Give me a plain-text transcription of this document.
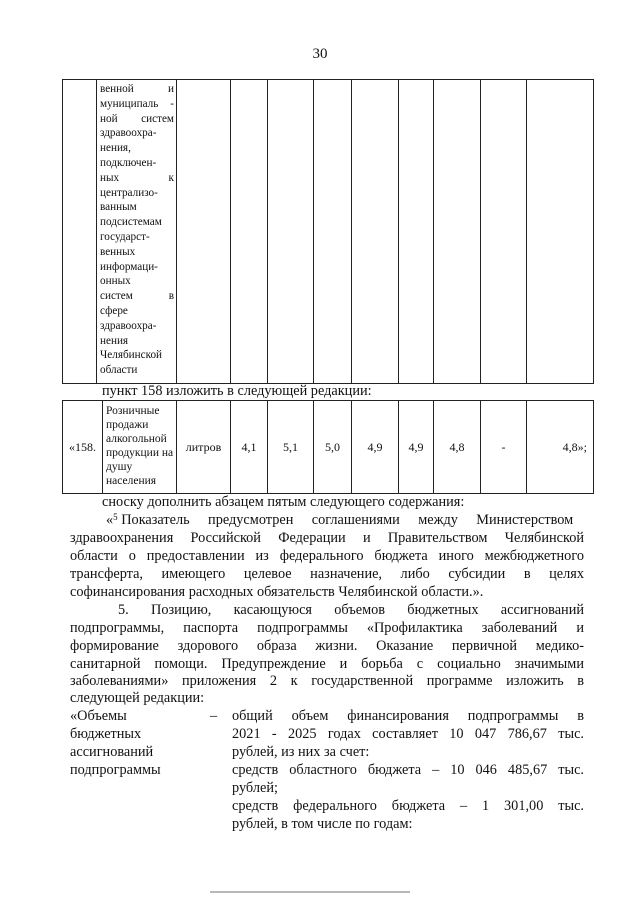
30

венной и
муниципаль -
ной систем
здравоохра-
нения,
подключен-
ных к
централизо-
ванным
подсистемам
государст-
венных
информаци-
онных
систем в
сфере
здравоохра-
нения
Челябинской
области

пункт 158 изложить в следующей редакции:
«158.	
Розничные
продажи
алкогольной
продукции на
душу
населения
	литров	4,1	5,1	5,0	4,9	4,9	4,8	-	4,8»;
сноску дополнить абзацем пятым следующего содержания:
«$^5$ Показатель предусмотрен соглашениями между Министерством
здравоохранения Российской Федерации и Правительством Челябинской
области о предоставлении из федерального бюджета иного межбюджетного
трансферта, имеющего целевое назначение, либо субсидии в целях
софинансирования расходных обязательств Челябинской области.».
5. Позицию, касающуюся объемов бюджетных ассигнований
подпрограммы, паспорта подпрограммы «Профилактика заболеваний и
формирование здорового образа жизни. Оказание первичной медико-
санитарной помощи. Предупреждение и борьба с социально значимыми
заболеваниями» приложения 2 к государственной программе изложить в
следующей редакции:
«Объемы
бюджетных
ассигнований
подпрограммы
– общий объем финансирования подпрограммы в
2021 - 2025 годах составляет 10 047 786,67 тыс.
рублей, из них за счет:
средств областного бюджета – 10 046 485,67 тыс.
рублей;
средств федерального бюджета – 1 301,00 тыс.
рублей, в том числе по годам:
